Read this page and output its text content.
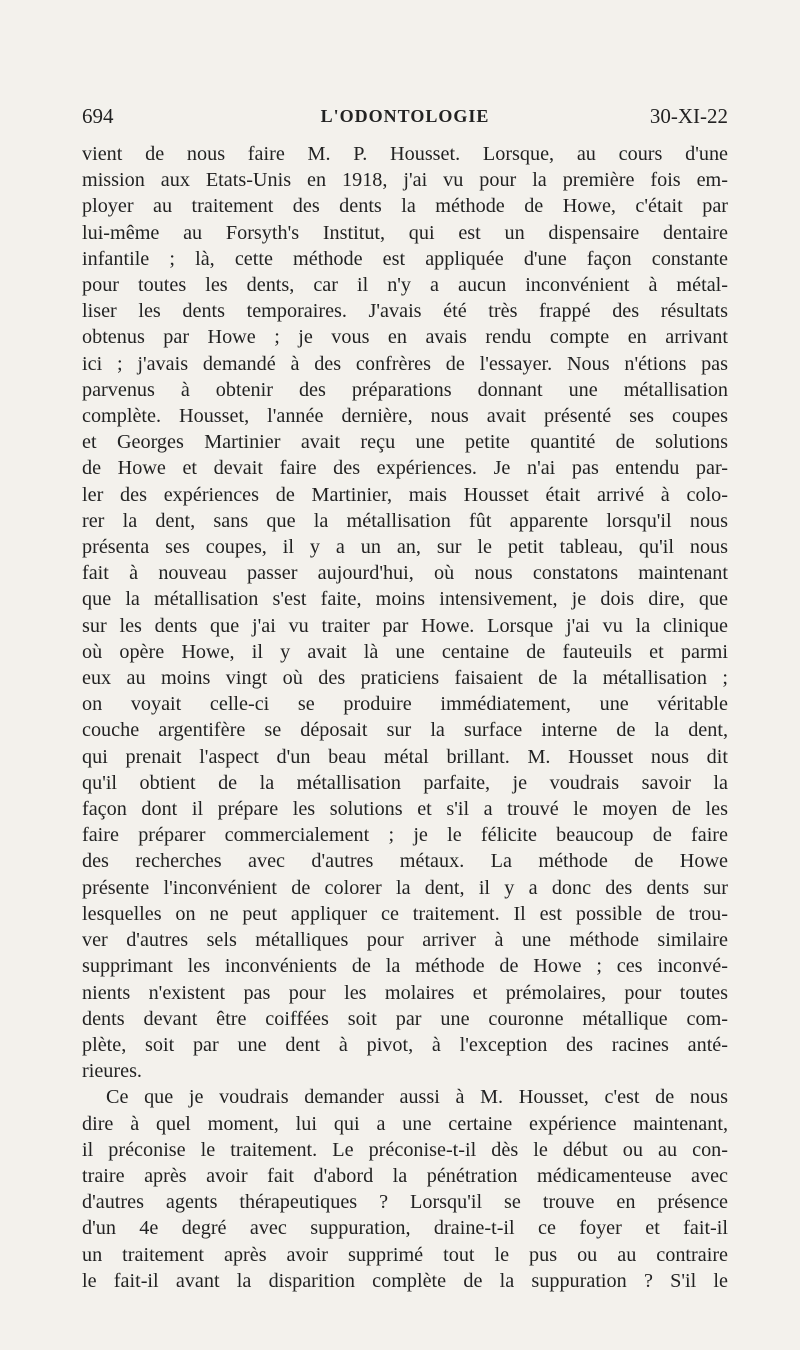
694	L'ODONTOLOGIE	30-XI-22

vient de nous faire M. P. Housset. Lorsque, au cours d'une

mission aux Etats-Unis en 1918, j'ai vu pour la première fois em-

ployer au traitement des dents la méthode de Howe, c'était par

lui-même au Forsyth's Institut, qui est un dispensaire dentaire

infantile ; là, cette méthode est appliquée d'une façon constante

pour toutes les dents, car il n'y a aucun inconvénient à métal-

liser les dents temporaires. J'avais été très frappé des résultats

obtenus par Howe ; je vous en avais rendu compte en arrivant

ici ; j'avais demandé à des confrères de l'essayer. Nous n'étions pas

parvenus à obtenir des préparations donnant une métallisation

complète. Housset, l'année dernière, nous avait présenté ses coupes

et Georges Martinier avait reçu une petite quantité de solutions

de Howe et devait faire des expériences. Je n'ai pas entendu par-

ler des expériences de Martinier, mais Housset était arrivé à colo-

rer la dent, sans que la métallisation fût apparente lorsqu'il nous

présenta ses coupes, il y a un an, sur le petit tableau, qu'il nous

fait à nouveau passer aujourd'hui, où nous constatons maintenant

que la métallisation s'est faite, moins intensivement, je dois dire, que

sur les dents que j'ai vu traiter par Howe. Lorsque j'ai vu la clinique

où opère Howe, il y avait là une centaine de fauteuils et parmi

eux au moins vingt où des praticiens faisaient de la métallisation ;

on voyait celle-ci se produire immédiatement, une véritable

couche argentifère se déposait sur la surface interne de la dent,

qui prenait l'aspect d'un beau métal brillant. M. Housset nous dit

qu'il obtient de la métallisation parfaite, je voudrais savoir la

façon dont il prépare les solutions et s'il a trouvé le moyen de les

faire préparer commercialement ; je le félicite beaucoup de faire

des recherches avec d'autres métaux. La méthode de Howe

présente l'inconvénient de colorer la dent, il y a donc des dents sur

lesquelles on ne peut appliquer ce traitement. Il est possible de trou-

ver d'autres sels métalliques pour arriver à une méthode similaire

supprimant les inconvénients de la méthode de Howe ; ces inconvé-

nients n'existent pas pour les molaires et prémolaires, pour toutes

dents devant être coiffées soit par une couronne métallique com-

plète, soit par une dent à pivot, à l'exception des racines anté-

rieures.

Ce que je voudrais demander aussi à M. Housset, c'est de nous

dire à quel moment, lui qui a une certaine expérience maintenant,

il préconise le traitement. Le préconise-t-il dès le début ou au con-

traire après avoir fait d'abord la pénétration médicamenteuse avec

d'autres agents thérapeutiques ? Lorsqu'il se trouve en présence

d'un 4e degré avec suppuration, draine-t-il ce foyer et fait-il

un traitement après avoir supprimé tout le pus ou au contraire

le fait-il avant la disparition complète de la suppuration ? S'il le
